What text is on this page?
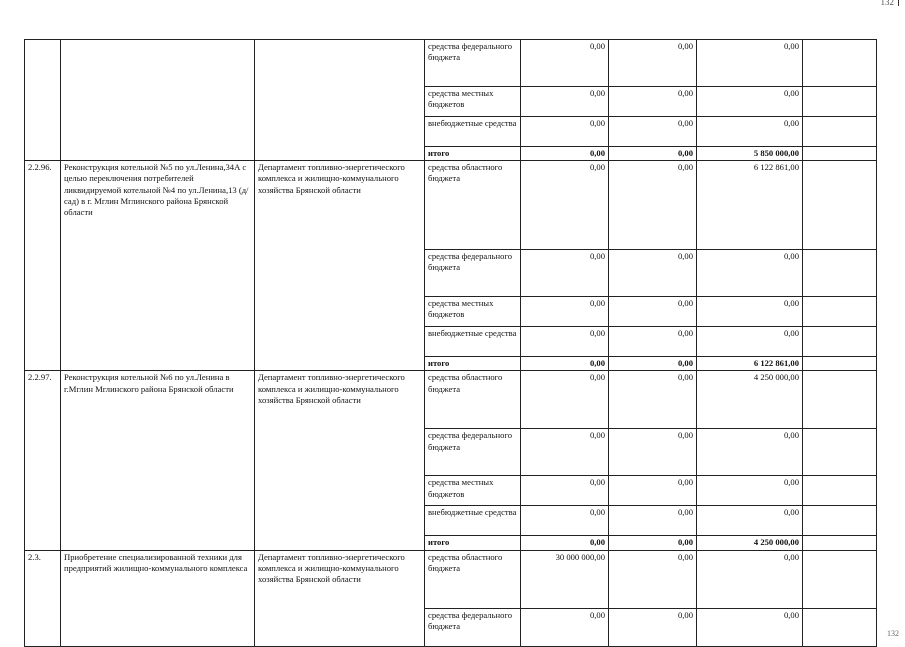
132
			средства федерального бюджета	0,00	0,00	0,00	
			средства местных бюджетов	0,00	0,00	0,00	
			внебюджетные средства	0,00	0,00	0,00	
			итого	0,00	0,00	5 850 000,00	
2.2.96.	Реконструкция котельной №5 по ул.Ленина,34А с целью переключения потребителей ликвидируемой котельной №4 по ул.Ленина,13 (д/сад) в г. Мглин Мглинского района Брянской области	Департамент топливно-энергетического комплекса и жилищно-коммунального хозяйства Брянской области	средства областного бюджета	0,00	0,00	6 122 861,00	
			средства федерального бюджета	0,00	0,00	0,00	
			средства местных бюджетов	0,00	0,00	0,00	
			внебюджетные средства	0,00	0,00	0,00	
			итого	0,00	0,00	6 122 861,00	
2.2.97.	Реконструкция котельной №6 по ул.Ленина в г.Мглин Мглинского района Брянской области	Департамент топливно-энергетического комплекса и жилищно-коммунального хозяйства Брянской области	средства областного бюджета	0,00	0,00	4 250 000,00	
			средства федерального бюджета	0,00	0,00	0,00	
			средства местных бюджетов	0,00	0,00	0,00	
			внебюджетные средства	0,00	0,00	0,00	
			итого	0,00	0,00	4 250 000,00	
2.3.	Приобретение специализированной техники для предприятий жилищно-коммунального комплекса	Департамент топливно-энергетического комплекса и жилищно-коммунального хозяйства Брянской области	средства областного бюджета	30 000 000,00	0,00	0,00	
			средства федерального бюджета	0,00	0,00	0,00	
132
